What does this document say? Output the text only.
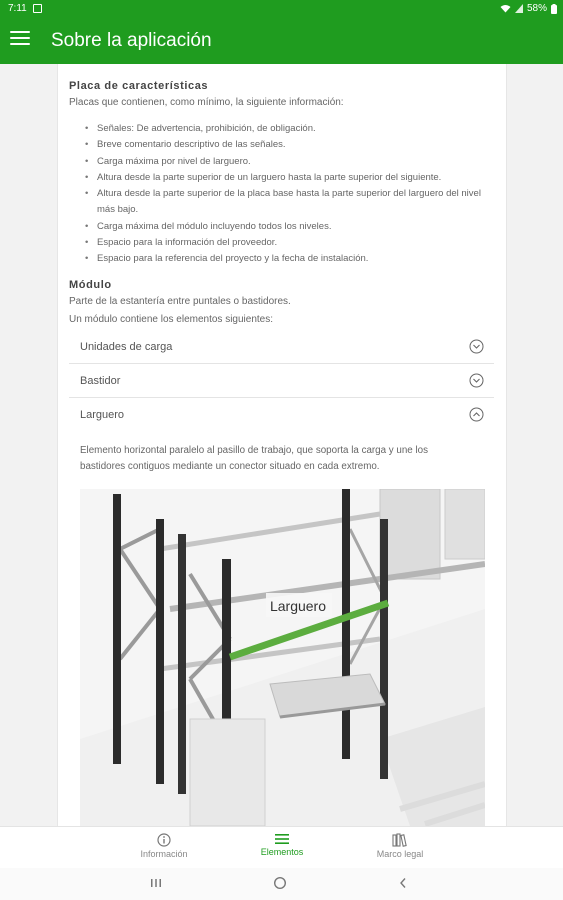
7:11	58%
Sobre la aplicación
Placa de características
Placas que contienen, como mínimo, la siguiente información:
• Señales: De advertencia, prohibición, de obligación.
• Breve comentario descriptivo de las señales.
• Carga máxima por nivel de larguero.
• Altura desde la parte superior de un larguero hasta la parte superior del siguiente.
• Altura desde la parte superior de la placa base hasta la parte superior del larguero del nivel más bajo.
• Carga máxima del módulo incluyendo todos los niveles.
• Espacio para la información del proveedor.
• Espacio para la referencia del proyecto y la fecha de instalación.
Módulo
Parte de la estantería entre puntales o bastidores.
Un módulo contiene los elementos siguientes:
Unidades de carga
Bastidor
Larguero
Elemento horizontal paralelo al pasillo de trabajo, que soporta la carga y une los bastidores contiguos mediante un conector situado en cada extremo.
Larguero
Información	Elementos	Marco legal
